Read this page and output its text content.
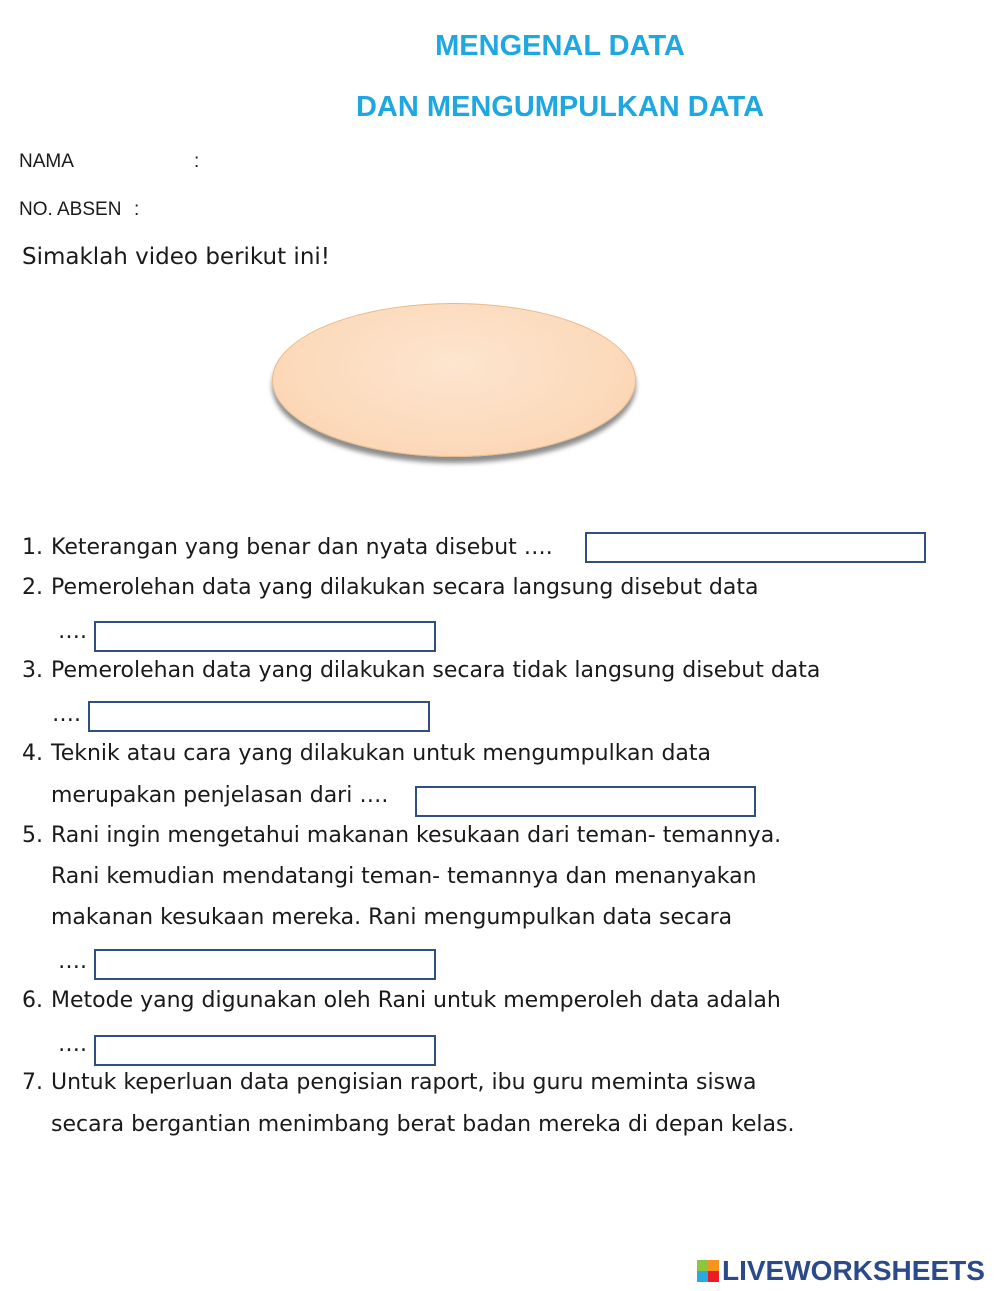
MENGENAL DATA
DAN MENGUMPULKAN DATA
NAMA	:
NO. ABSEN :
Simaklah video berikut ini!
1. Keterangan yang benar dan nyata disebut ….
2. Pemerolehan data yang dilakukan secara langsung disebut data
….
3. Pemerolehan data yang dilakukan secara tidak langsung disebut data
….
4. Teknik atau cara yang dilakukan untuk mengumpulkan data
merupakan penjelasan dari ….
5. Rani ingin mengetahui makanan kesukaan dari teman- temannya.
Rani kemudian mendatangi teman- temannya dan menanyakan
makanan kesukaan mereka. Rani mengumpulkan data secara
….
6. Metode yang digunakan oleh Rani untuk memperoleh data adalah
….
7. Untuk keperluan data pengisian raport, ibu guru meminta siswa
secara bergantian menimbang berat badan mereka di depan kelas.
LIVEWORKSHEETS
